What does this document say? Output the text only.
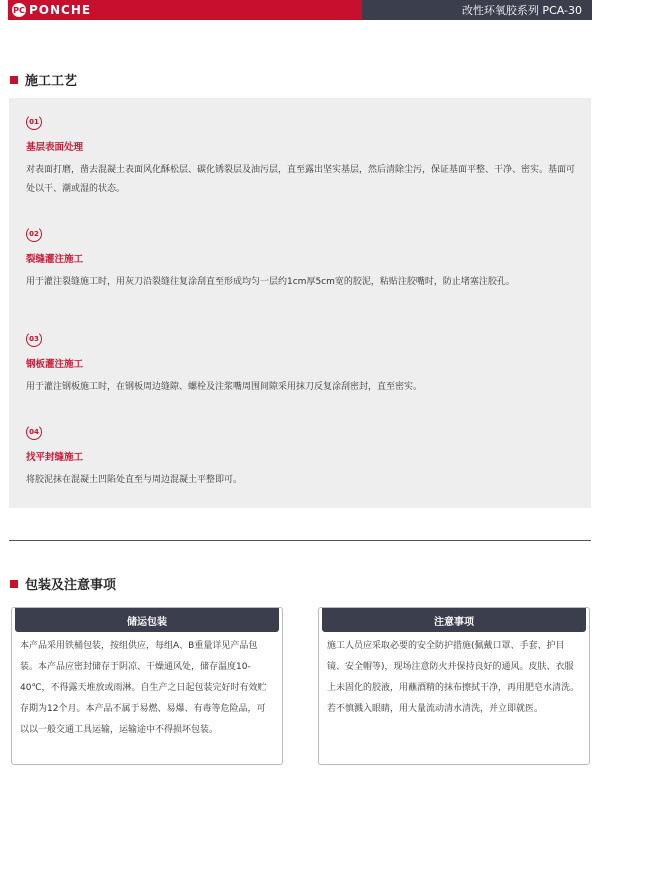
PC PONCHE	改性环氧胶系列 PCA-30
施工工艺
01
基层表面处理
对表面打磨，凿去混凝土表面风化酥松层、碳化锈裂层及油污层，直至露出坚实基层，然后清除尘污，保证基面平整、干净、密实。基面可处以干、潮或湿的状态。
02
裂缝灌注施工
用于灌注裂缝施工时，用灰刀沿裂缝往复涂刮直至形成均匀一层约1cm厚5cm宽的胶泥，粘贴注胶嘴时，防止堵塞注胶孔。
03
钢板灌注施工
用于灌注钢板施工时，在钢板周边缝隙、螺栓及注浆嘴周围间隙采用抹刀反复涂刮密封，直至密实。
04
找平封缝施工
将胶泥抹在混凝土凹陷处直至与周边混凝土平整即可。
包装及注意事项
储运包装
本产品采用铁桶包装，按组供应，每组A、B重量详见产品包装。本产品应密封储存于阴凉、干燥通风处，储存温度10-40℃，不得露天堆放或雨淋。自生产之日起包装完好时有效贮存期为12个月。本产品不属于易燃、易爆、有毒等危险品，可以以一般交通工具运输，运输途中不得损坏包装。
注意事项
施工人员应采取必要的安全防护措施(佩戴口罩、手套、护目镜、安全帽等)，现场注意防火并保持良好的通风。皮肤、衣服上未固化的胶液，用蘸酒精的抹布擦拭干净，再用肥皂水清洗。若不慎溅入眼睛，用大量流动清水清洗，并立即就医。
